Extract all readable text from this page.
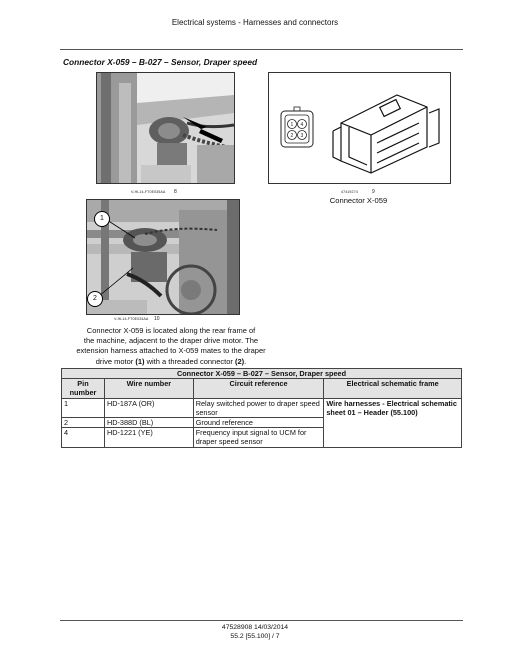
Electrical systems - Harnesses and connectors
Connector X-059 – B-027 – Sensor, Draper speed
V-HL14-FT0E035AA 8
1 4
2 3
47419274	9
Connector X-059
1
2
V-HL14-FT0E034AA 10
Connector X-059 is located along the rear frame of
the machine, adjacent to the draper drive motor. The
extension harness attached to X-059 mates to the draper
drive motor (1) with a threaded connector (2).
Connector X-059 – B-027 – Sensor, Draper speed			
Pin number	Wire number	Circuit reference	Electrical schematic frame
1	HD-187A (OR)	Relay switched power to draper speed sensor	Wire harnesses - Electrical schematic sheet 01 – Header (55.100)
2	HD-388D (BL)	Ground reference	
4	HD-1221 (YE)	Frequency input signal to UCM for draper speed sensor	
47528908 14/03/2014
55.2 [55.100] / 7
